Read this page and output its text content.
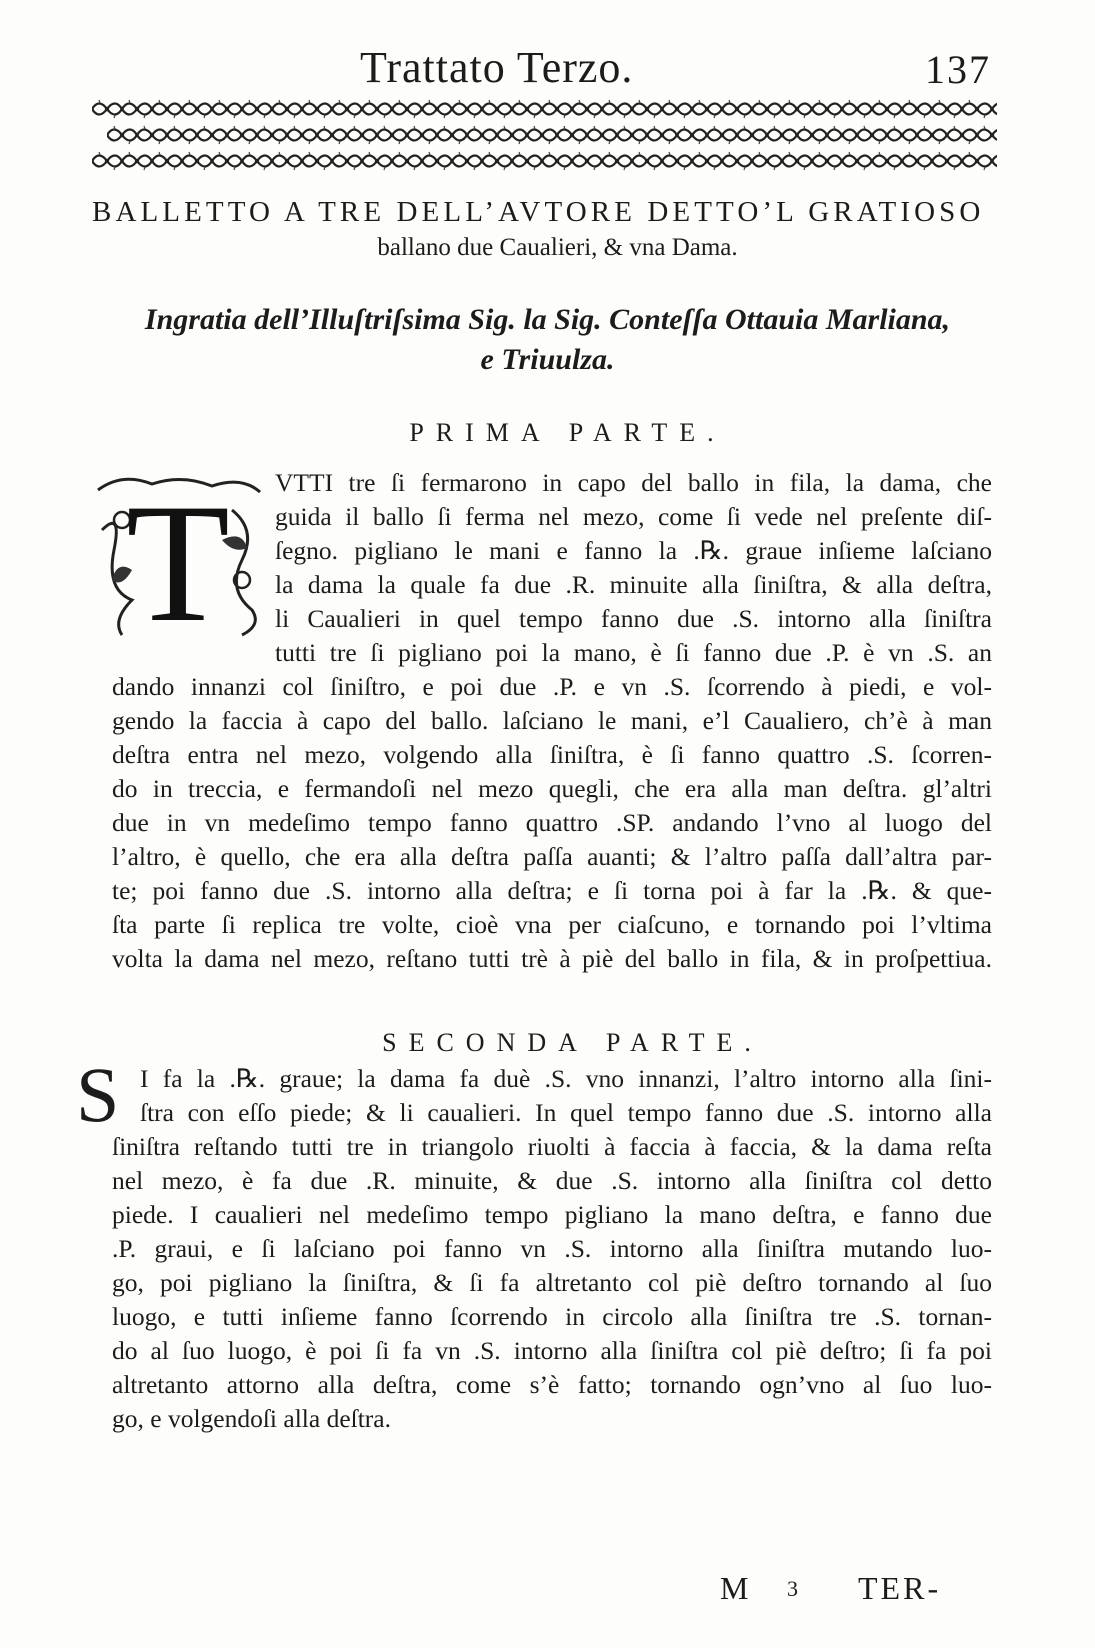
Trattato Terzo.	137
BALLETTO A TRE DELL’AVTORE DETTO’L GRATIOSO
ballano due Caualieri, & vna Dama.
Ingratia dell’Illuſtriſsima Sig. la Sig. Conteſſa Ottauia Marliana,
e Triuulza.
PRIMA PARTE.
T VTTI tre ſi fermarono in capo del ballo in fila, la dama, che
guida il ballo ſi ferma nel mezo, come ſi vede nel preſente diſ-
ſegno. pigliano le mani e fanno la .℞. graue inſieme laſciano
la dama la quale fa due .R. minuite alla ſiniſtra, & alla deſtra,
li Caualieri in quel tempo fanno due .S. intorno alla ſiniſtra
tutti tre ſi pigliano poi la mano, è ſi fanno due .P. è vn .S. an
dando innanzi col ſiniſtro, e poi due .P. e vn .S. ſcorrendo à piedi, e vol-
gendo la faccia à capo del ballo. laſciano le mani, e’l Caualiero, ch’è à man
deſtra entra nel mezo, volgendo alla ſiniſtra, è ſi fanno quattro .S. ſcorren-
do in treccia, e fermandoſi nel mezo quegli, che era alla man deſtra. gl’altri
due in vn medeſimo tempo fanno quattro .SP. andando l’vno al luogo del
l’altro, è quello, che era alla deſtra paſſa auanti; & l’altro paſſa dall’altra par-
te; poi fanno due .S. intorno alla deſtra; e ſi torna poi à far la .℞. & que-
ſta parte ſi replica tre volte, cioè vna per ciaſcuno, e tornando poi l’vltima
volta la dama nel mezo, reſtano tutti trè à piè del ballo in fila, & in proſpettiua.
SECONDA PARTE.
S I fa la .℞. graue; la dama fa duè .S. vno innanzi, l’altro intorno alla ſini-
ſtra con eſſo piede; & li caualieri. In quel tempo fanno due .S. intorno alla
ſiniſtra reſtando tutti tre in triangolo riuolti à faccia à faccia, & la dama reſta
nel mezo, è fa due .R. minuite, & due .S. intorno alla ſiniſtra col detto
piede. I caualieri nel medeſimo tempo pigliano la mano deſtra, e fanno due
.P. graui, e ſi laſciano poi fanno vn .S. intorno alla ſiniſtra mutando luo-
go, poi pigliano la ſiniſtra, & ſi fa altretanto col piè deſtro tornando al ſuo
luogo, e tutti inſieme fanno ſcorrendo in circolo alla ſiniſtra tre .S. tornan-
do al ſuo luogo, è poi ſi fa vn .S. intorno alla ſiniſtra col piè deſtro; ſi fa poi
altretanto attorno alla deſtra, come s’è fatto; tornando ogn’vno al ſuo luo-
go, e volgendoſi alla deſtra.
M 3 TER-
